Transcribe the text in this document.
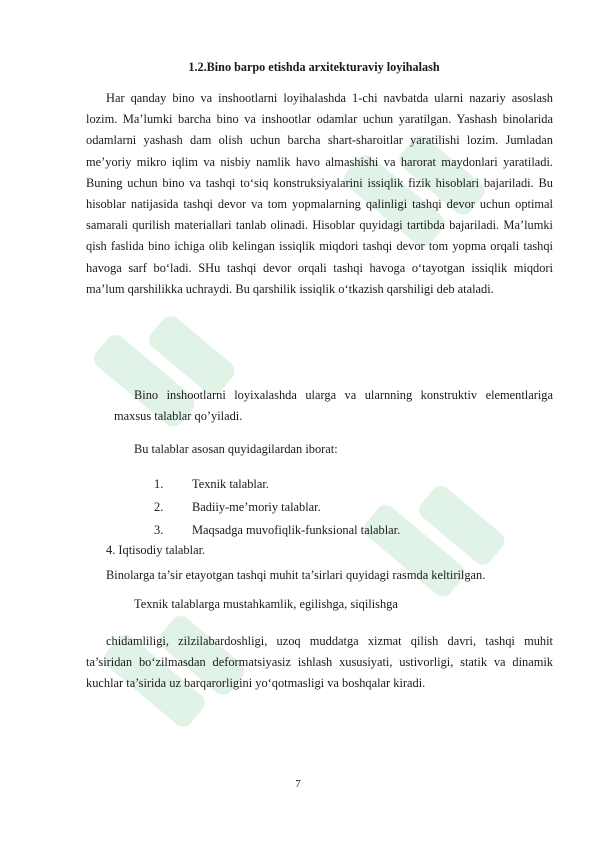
1.2.Bino barpo etishda arxitekturaviy loyihalash
Har qanday bino va inshootlarni loyihalashda 1-chi navbatda ularni nazariy asoslash lozim. Ma’lumki barcha bino va inshootlar odamlar uchun yaratilgan. Yashash binolarida odamlarni yashash dam olish uchun barcha shart-sharoitlar yaratilishi lozim. Jumladan me’yoriy mikro iqlim va nisbiy namlik havo almashishi va harorat maydonlari yaratiladi. Buning uchun bino va tashqi to‘siq konstruksiyalarini issiqlik fizik hisoblari bajariladi. Bu hisoblar natijasida tashqi devor va tom yopmalarning qalinligi tashqi devor uchun optimal samarali qurilish materiallari tanlab olinadi. Hisoblar quyidagi tartibda bajariladi. Ma’lumki qish faslida bino ichiga olib kelingan issiqlik miqdori tashqi devor tom yopma orqali tashqi havoga sarf bo‘ladi. SHu tashqi devor orqali tashqi havoga o‘tayotgan issiqlik miqdori ma’lum qarshilikka uchraydi. Bu qarshilik issiqlik o‘tkazish qarshiligi deb ataladi.
Bino inshootlarni loyixalashda ularga va ularnning konstruktiv elementlariga maxsus talablar qo’yiladi.
Bu talablar asosan quyidagilardan iborat:
1.	Texnik talablar.
2.	Badiiy-me’moriy talablar.
3.	Maqsadga muvofiqlik-funksional talablar.
4. Iqtisodiy talablar.
Binolarga ta’sir etayotgan tashqi muhit ta’sirlari quyidagi rasmda keltirilgan.
Texnik talablarga mustahkamlik, egilishga, siqilishga
chidamliligi, zilzilabardoshligi, uzoq muddatga xizmat qilish davri, tashqi muhit ta’siridan bo‘zilmasdan deformatsiyasiz ishlash xususiyati, ustivorligi, statik va dinamik kuchlar ta’sirida uz barqarorligini yo‘qotmasligi va boshqalar kiradi.
7
